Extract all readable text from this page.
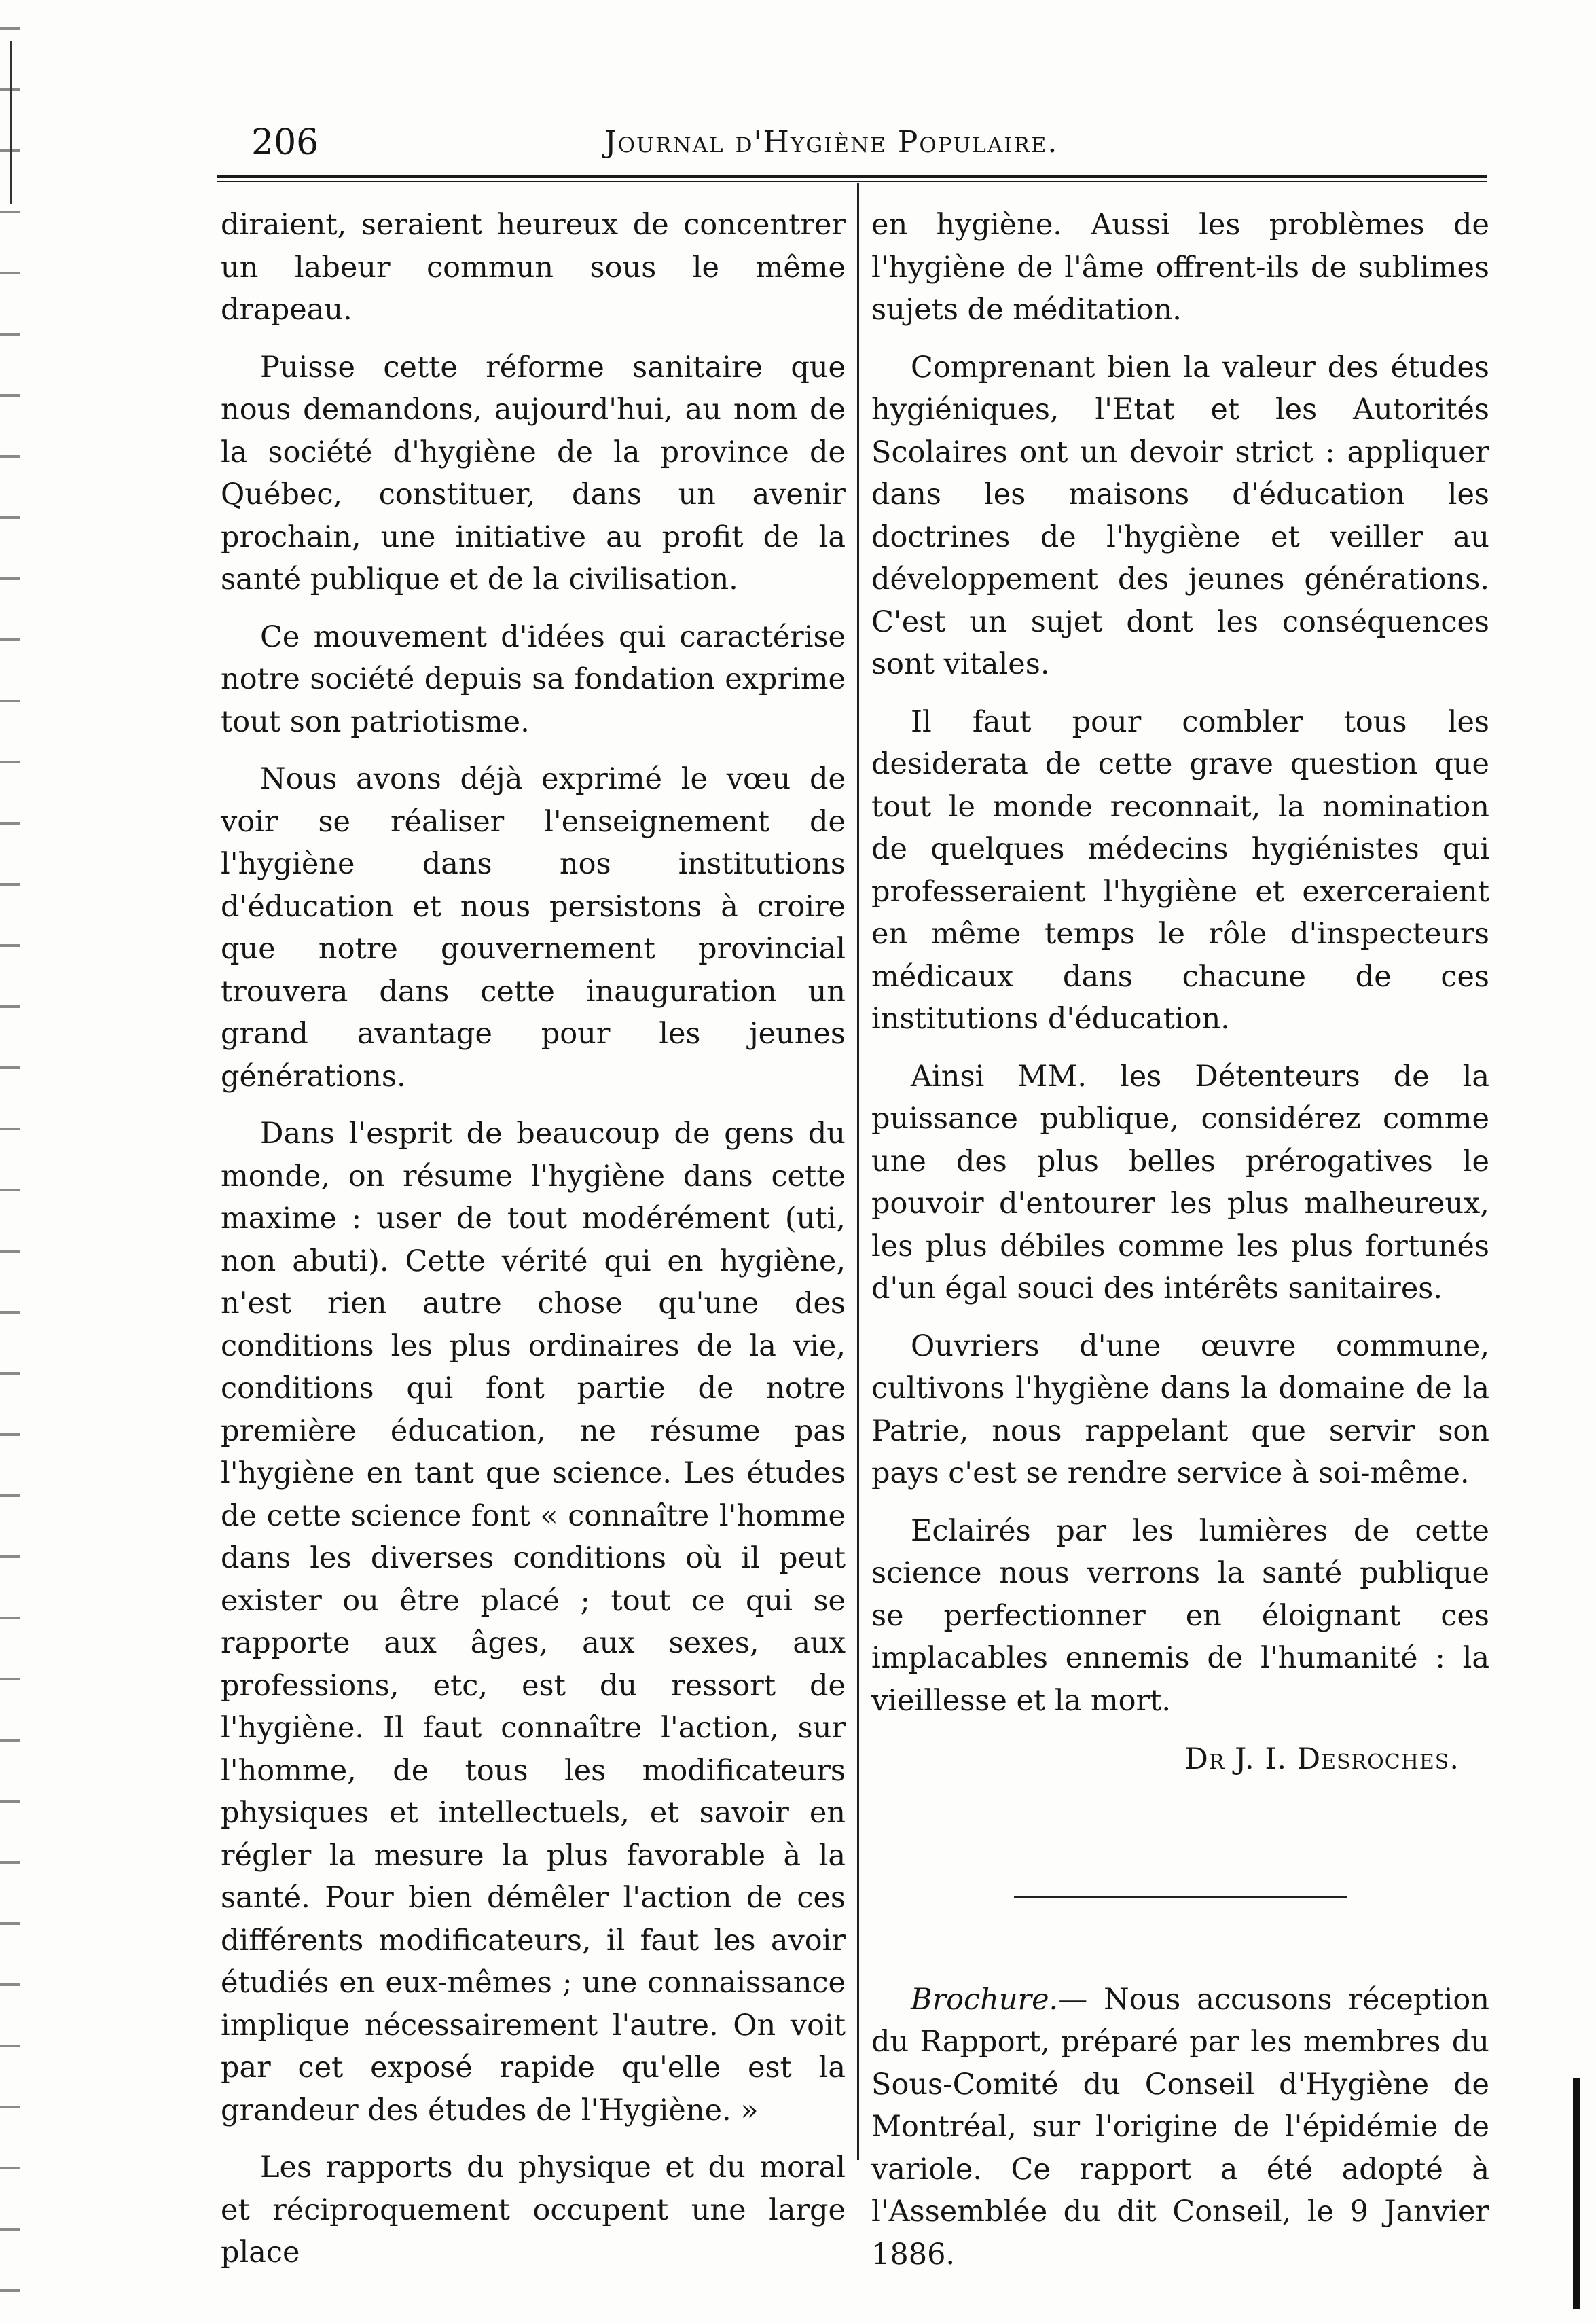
206	Journal d'Hygiène Populaire.

diraient, seraient heureux de concentrer un labeur commun sous le même drapeau.

Puisse cette réforme sanitaire que nous demandons, aujourd'hui, au nom de la société d'hygiène de la province de Québec, constituer, dans un avenir prochain, une initiative au profit de la santé publique et de la civilisation.

Ce mouvement d'idées qui caractérise notre société depuis sa fondation exprime tout son patriotisme.

Nous avons déjà exprimé le vœu de voir se réaliser l'enseignement de l'hygiène dans nos institutions d'éducation et nous persistons à croire que notre gouvernement provincial trouvera dans cette inauguration un grand avantage pour les jeunes générations.

Dans l'esprit de beaucoup de gens du monde, on résume l'hygiène dans cette maxime : user de tout modérément (uti, non abuti). Cette vérité qui en hygiène, n'est rien autre chose qu'une des conditions les plus ordinaires de la vie, conditions qui font partie de notre première éducation, ne résume pas l'hygiène en tant que science. Les études de cette science font « connaître l'homme dans les diverses conditions où il peut exister ou être placé ; tout ce qui se rapporte aux âges, aux sexes, aux professions, etc, est du ressort de l'hygiène. Il faut connaître l'action, sur l'homme, de tous les modificateurs physiques et intellectuels, et savoir en régler la mesure la plus favorable à la santé. Pour bien démêler l'action de ces différents modificateurs, il faut les avoir étudiés en eux-mêmes ; une connaissance implique nécessairement l'autre. On voit par cet exposé rapide qu'elle est la grandeur des études de l'Hygiène. »

Les rapports du physique et du moral et réciproquement occupent une large place

en hygiène. Aussi les problèmes de l'hygiène de l'âme offrent-ils de sublimes sujets de méditation.

Comprenant bien la valeur des études hygiéniques, l'Etat et les Autorités Scolaires ont un devoir strict : appliquer dans les maisons d'éducation les doctrines de l'hygiène et veiller au développement des jeunes générations. C'est un sujet dont les conséquences sont vitales.

Il faut pour combler tous les desiderata de cette grave question que tout le monde reconnait, la nomination de quelques médecins hygiénistes qui professeraient l'hygiène et exerceraient en même temps le rôle d'inspecteurs médicaux dans chacune de ces institutions d'éducation.

Ainsi MM. les Détenteurs de la puissance publique, considérez comme une des plus belles prérogatives le pouvoir d'entourer les plus malheureux, les plus débiles comme les plus fortunés d'un égal souci des intérêts sanitaires.

Ouvriers d'une œuvre commune, cultivons l'hygiène dans la domaine de la Patrie, nous rappelant que servir son pays c'est se rendre service à soi-même.

Eclairés par les lumières de cette science nous verrons la santé publique se perfectionner en éloignant ces implacables ennemis de l'humanité : la vieillesse et la mort.

Dr J. I. Desroches.

Brochure.— Nous accusons réception du Rapport, préparé par les membres du Sous-Comité du Conseil d'Hygiène de Montréal, sur l'origine de l'épidémie de variole. Ce rapport a été adopté à l'Assemblée du dit Conseil, le 9 Janvier 1886.
